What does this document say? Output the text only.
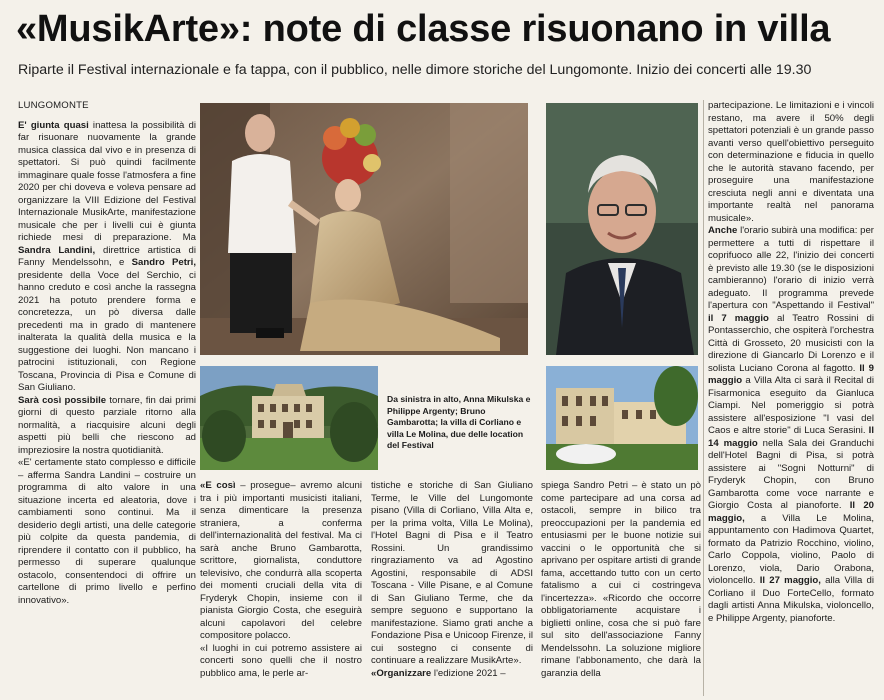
«MusikArte»: note di classe risuonano in villa
Riparte il Festival internazionale e fa tappa, con il pubblico, nelle dimore storiche del Lungomonte. Inizio dei concerti alle 19.30

LUNGOMONTE

E' giunta quasi inattesa la possibilità di far risuonare nuovamente la grande musica classica dal vivo e in presenza di spettatori. Si può quindi facilmente immaginare quale fosse l'atmosfera a fine 2020 per chi doveva e voleva pensare ad organizzare la VIII Edizione del Festival Internazionale MusikArte, manifestazione musicale che per i livelli cui è giunta richiede mesi di preparazione. Ma Sandra Landini, direttrice artistica di Fanny Mendelssohn, e Sandro Petri, presidente della Voce del Serchio, ci hanno creduto e così anche la rassegna 2021 ha potuto prendere forma e concretezza, un pò diversa dalle precedenti ma in grado di mantenere inalterata la qualità della musica e la suggestione dei luoghi. Non mancano i patrocini istituzionali, con Regione Toscana, Provincia di Pisa e Comune di San Giuliano.

Sarà così possibile tornare, fin dai primi giorni di questo parziale ritorno alla normalità, a riacquisire alcuni degli aspetti più belli che riescono ad impreziosire la nostra quotidianità.

«E' certamente stato complesso e difficile – afferma Sandra Landini – costruire un programma di alto valore in una situazione incerta ed aleatoria, dove i cambiamenti sono continui. Ma il desiderio degli artisti, una delle categorie più colpite da questa pandemia, di riprendere il contatto con il pubblico, ha permesso di superare qualunque ostacolo, consentendoci di offrire un cartellone di primo livello e perfino innovativo».

Da sinistra in alto, Anna Mikulska e Philippe Argenty; Bruno Gambarotta; la villa di Corliano e villa Le Molina, due delle location del Festival

«E così – prosegue– avremo alcuni tra i più importanti musicisti italiani, senza dimenticare la presenza straniera, a conferma dell'internazionalità del festival. Ma ci sarà anche Bruno Gambarotta, scrittore, giornalista, conduttore televisivo, che condurrà alla scoperta dei momenti cruciali della vita di Fryderyk Chopin, insieme con il pianista Giorgio Costa, che eseguirà alcuni capolavori del celebre compositore polacco.

«I luoghi in cui potremo assistere ai concerti sono quelli che il nostro pubblico ama, le perle ar-

tistiche e storiche di San Giuliano Terme, le Ville del Lungomonte pisano (Villa di Corliano, Villa Alta e, per la prima volta, Villa Le Molina), l'Hotel Bagni di Pisa e il Teatro Rossini. Un grandissimo ringraziamento va ad Agostino Agostini, responsabile di ADSI Toscana - Ville Pisane, e al Comune di San Giuliano Terme, che da sempre seguono e supportano la manifestazione. Siamo grati anche a Fondazione Pisa e Unicoop Firenze, il cui sostegno ci consente di continuare a realizzare MusikArte».

«Organizzare l'edizione 2021 –

spiega Sandro Petri – è stato un pò come partecipare ad una corsa ad ostacoli, sempre in bilico tra preoccupazioni per la pandemia ed entusiasmi per le buone notizie sui vaccini o le opportunità che si aprivano per ospitare artisti di grande fama, accettando tutto con un certo fatalismo a cui ci costringeva l'incertezza». «Ricordo che occorre obbligatoriamente acquistare i biglietti online, cosa che si può fare sul sito dell'associazione Fanny Mendelssohn. La soluzione migliore rimane l'abbonamento, che darà la garanzia della

partecipazione. Le limitazioni e i vincoli restano, ma avere il 50% degli spettatori potenziali è un grande passo avanti verso quell'obiettivo perseguito con determinazione e fiducia in quello che le autorità stavano facendo, per proseguire una manifestazione cresciuta negli anni e diventata una importante realtà nel panorama musicale».

Anche l'orario subirà una modifica: per permettere a tutti di rispettare il coprifuoco alle 22, l'inizio dei concerti è previsto alle 19.30 (se le disposizioni cambieranno) l'orario di inizio verrà adeguato. Il programma prevede l'apertura con "Aspettando il Festival" il 7 maggio al Teatro Rossini di Pontasserchio, che ospiterà l'orchestra Città di Grosseto, 20 musicisti con la direzione di Giancarlo Di Lorenzo e il solista Luciano Corona al fagotto. Il 9 maggio a Villa Alta ci sarà il Recital di Fisarmonica eseguito da Gianluca Ciampi. Nel pomeriggio si potrà assistere all'esposizione "I vasi del Caos e altre storie" di Luca Serasini. Il 14 maggio nella Sala dei Granduchi dell'Hotel Bagni di Pisa, si potrà assistere ai "Sogni Notturni" di Fryderyk Chopin, con Bruno Gambarotta come voce narrante e Giorgio Costa al pianoforte. Il 20 maggio, a Villa Le Molina, appuntamento con Hadimova Quartet, formato da Patrizio Rocchino, violino, Carlo Coppola, violino, Paolo di Lorenzo, viola, Dario Orabona, violoncello. Il 27 maggio, alla Villa di Corliano il Duo ForteCello, formato dagli artisti Anna Mikulska, violoncello, e Philippe Argenty, pianoforte.
